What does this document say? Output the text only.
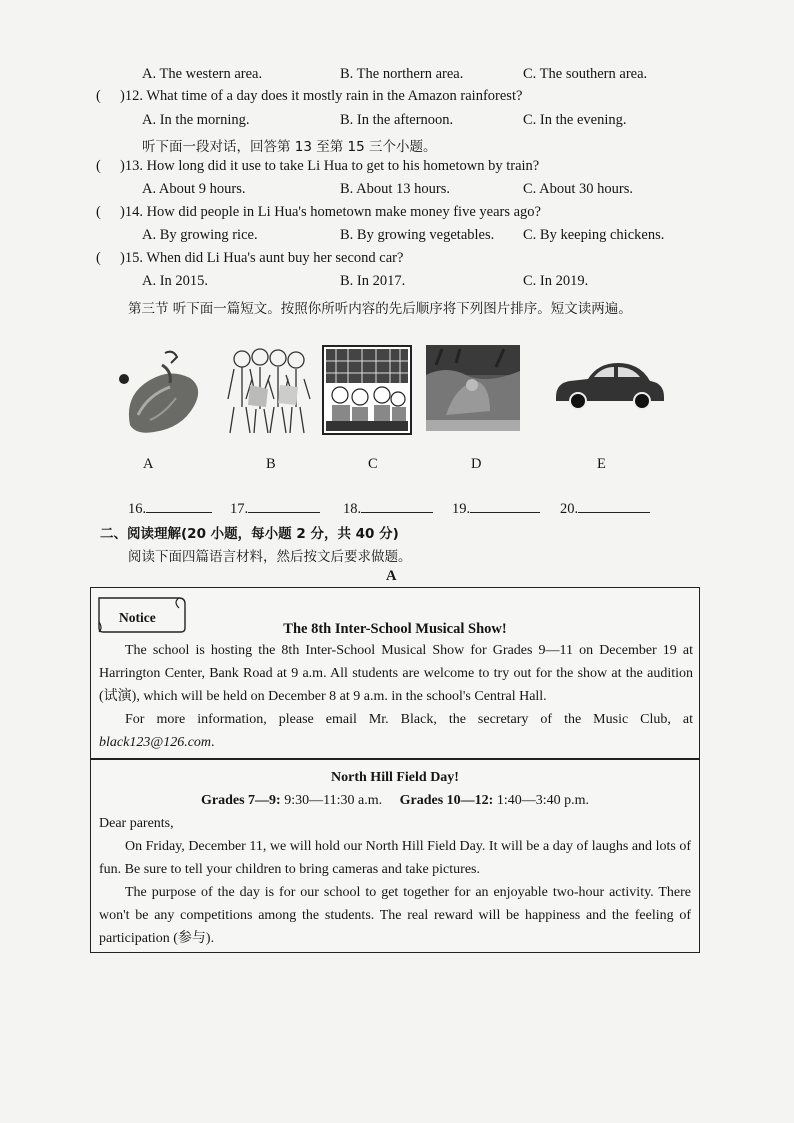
A. The western area.	B. The northern area.	C. The southern area.
( )12. What time of a day does it mostly rain in the Amazon rainforest?
A. In the morning.	B. In the afternoon.	C. In the evening.
听下面一段对话，回答第 13 至第 15 三个小题。
( )13. How long did it use to take Li Hua to get to his hometown by train?
A. About 9 hours.	B. About 13 hours.	C. About 30 hours.
( )14. How did people in Li Hua's hometown make money five years ago?
A. By growing rice.	B. By growing vegetables. C. By keeping chickens.
( )15. When did Li Hua's aunt buy her second car?
A. In 2015.	B. In 2017.	C. In 2019.
第三节 听下面一篇短文。按照你所听内容的先后顺序将下列图片排序。短文读两遍。
A	B	C	D	E
16.	17.	18.	19.	20.
二、阅读理解(20 小题，每小题 2 分，共 40 分)
阅读下面四篇语言材料，然后按文后要求做题。
A
Notice

The 8th Inter-School Musical Show!

The school is hosting the 8th Inter-School Musical Show for Grades 9—11 on December 19 at Harrington Center, Bank Road at 9 a.m. All students are welcome to try out for the show at the audition (试演), which will be held on December 8 at 9 a.m. in the school's Central Hall.

For more information, please email Mr. Black, the secretary of the Music Club, at black123@126.com.

North Hill Field Day!

Grades 7—9: 9:30—11:30 a.m. Grades 10—12: 1:40—3:40 p.m.

Dear parents,

On Friday, December 11, we will hold our North Hill Field Day. It will be a day of laughs and lots of fun. Be sure to tell your children to bring cameras and take pictures.

The purpose of the day is for our school to get together for an enjoyable two-hour activity. There won't be any competitions among the students. The real reward will be happiness and the feeling of participation (参与).
